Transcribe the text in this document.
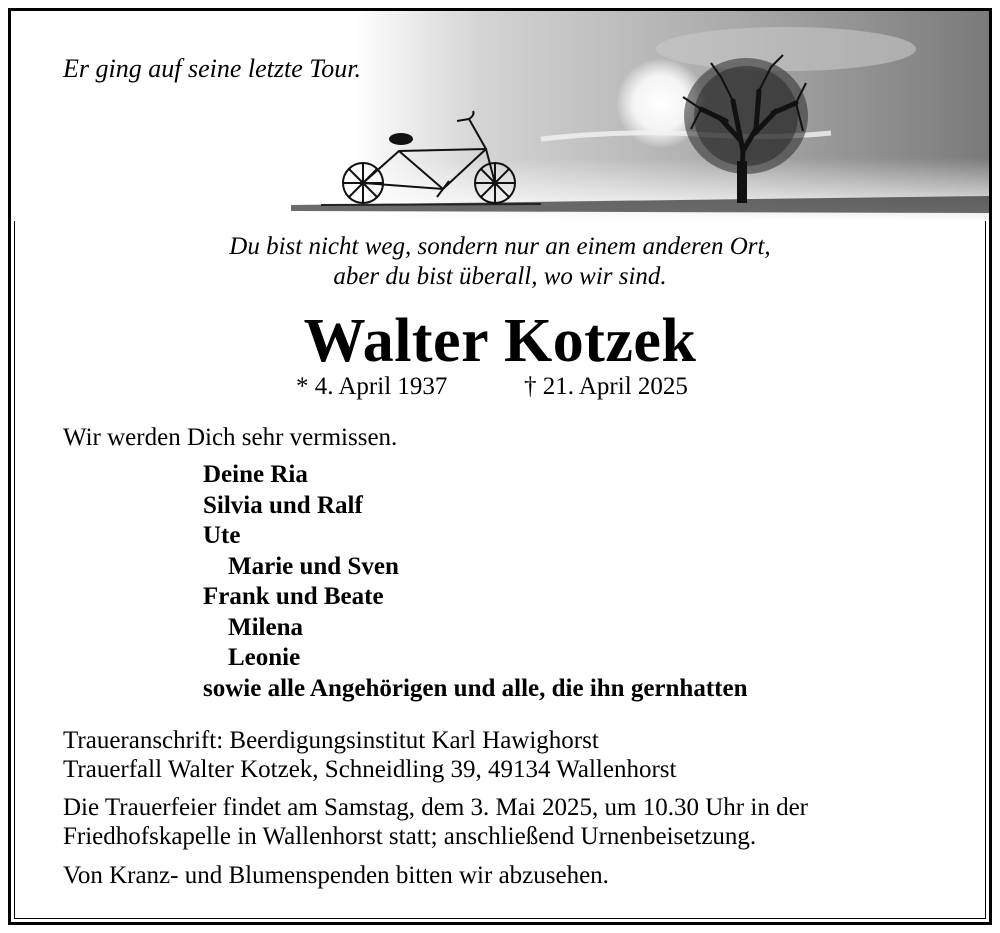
Er ging auf seine letzte Tour.
Du bist nicht weg, sondern nur an einem anderen Ort,
aber du bist überall, wo wir sind.
Walter Kotzek
* 4. April 1937	† 21. April 2025
Wir werden Dich sehr vermissen.
Deine Ria
Silvia und Ralf
Ute
Marie und Sven
Frank und Beate
Milena
Leonie
sowie alle Angehörigen und alle, die ihn gernhatten
Traueranschrift: Beerdigungsinstitut Karl Hawighorst
Trauerfall Walter Kotzek, Schneidling 39, 49134 Wallenhorst
Die Trauerfeier findet am Samstag, dem 3. Mai 2025, um 10.30 Uhr in der
Friedhofskapelle in Wallenhorst statt; anschließend Urnenbeisetzung.
Von Kranz- und Blumenspenden bitten wir abzusehen.
